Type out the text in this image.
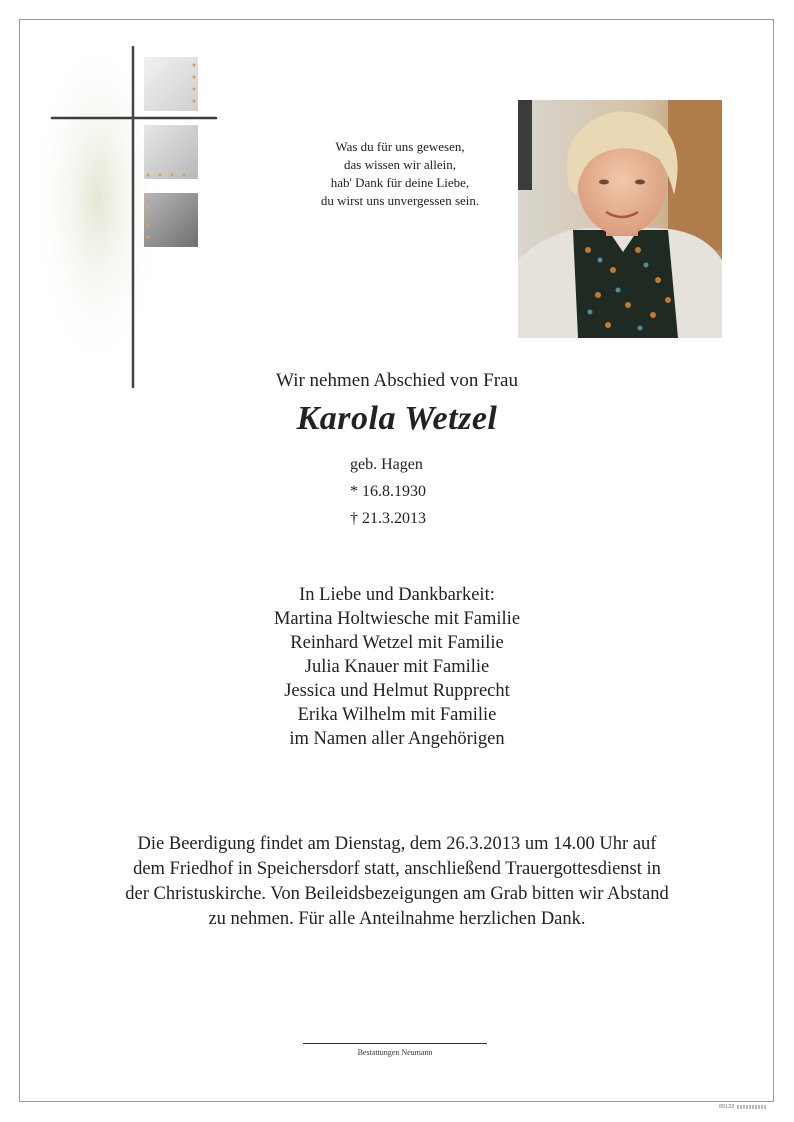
Was du für uns gewesen,
das wissen wir allein,
hab' Dank für deine Liebe,
du wirst uns unvergessen sein.
Wir nehmen Abschied von Frau
Karola Wetzel
geb. Hagen
* 16.8.1930
† 21.3.2013
In Liebe und Dankbarkeit:
Martina Holtwiesche mit Familie
Reinhard Wetzel mit Familie
Julia Knauer mit Familie
Jessica und Helmut Rupprecht
Erika Wilhelm mit Familie
im Namen aller Angehörigen
Die Beerdigung findet am Dienstag, dem 26.3.2013 um 14.00 Uhr auf
dem Friedhof in Speichersdorf statt, anschließend Trauergottesdienst in
der Christuskirche. Von Beileidsbezeigungen am Grab bitten wir Abstand
zu nehmen. Für alle Anteilnahme herzlichen Dank.
Bestattungen Neumann
89132
